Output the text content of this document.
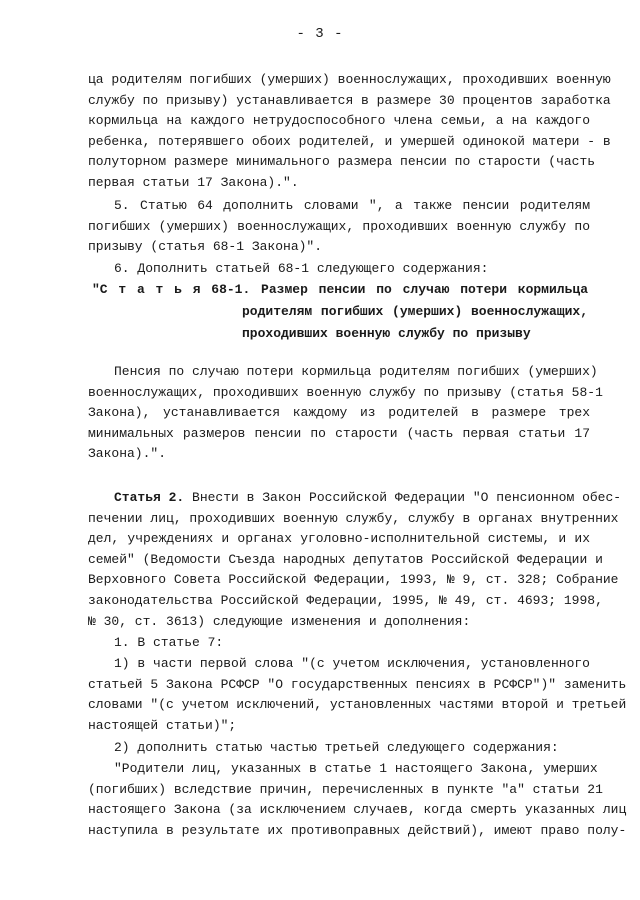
- 3 -
ца родителям погибших (умерших) военнослужащих, проходивших военную
службу по призыву) устанавливается в размере 30 процентов заработка
кормильца на каждого нетрудоспособного члена семьи, а на каждого
ребенка, потерявшего обоих родителей, и умершей одинокой матери - в
полуторном размере минимального размера пенсии по старости (часть
первая статьи 17 Закона).".
5. Статью 64 дополнить словами ", а также пенсии родителям
погибших (умерших) военнослужащих, проходивших военную службу по
призыву (статья 68-1 Закона)".
6. Дополнить статьей 68-1 следующего содержания:
"С т а т ь я 68-1. Размер пенсии по случаю потери кормильца
родителям погибших (умерших) военнослужащих,
проходивших военную службу по призыву
Пенсия по случаю потери кормильца родителям погибших (умерших)
военнослужащих, проходивших военную службу по призыву (статья 58-1
Закона), устанавливается каждому из родителей в размере трех
минимальных размеров пенсии по старости (часть первая статьи 17
Закона).".
Статья 2. Внести в Закон Российской Федерации "О пенсионном обес-
печении лиц, проходивших военную службу, службу в органах внутренних
дел, учреждениях и органах уголовно-исполнительной системы, и их
семей" (Ведомости Съезда народных депутатов Российской Федерации и
Верховного Совета Российской Федерации, 1993, № 9, ст. 328; Собрание
законодательства Российской Федерации, 1995, № 49, ст. 4693; 1998,
№ 30, ст. 3613) следующие изменения и дополнения:
1. В статье 7:
1) в части первой слова "(с учетом исключения, установленного
статьей 5 Закона РСФСР "О государственных пенсиях в РСФСР")" заменить
словами "(с учетом исключений, установленных частями второй и третьей
настоящей статьи)";
2) дополнить статью частью третьей следующего содержания:
"Родители лиц, указанных в статье 1 настоящего Закона, умерших
(погибших) вследствие причин, перечисленных в пункте "а" статьи 21
настоящего Закона (за исключением случаев, когда смерть указанных лиц
наступила в результате их противоправных действий), имеют право полу-
